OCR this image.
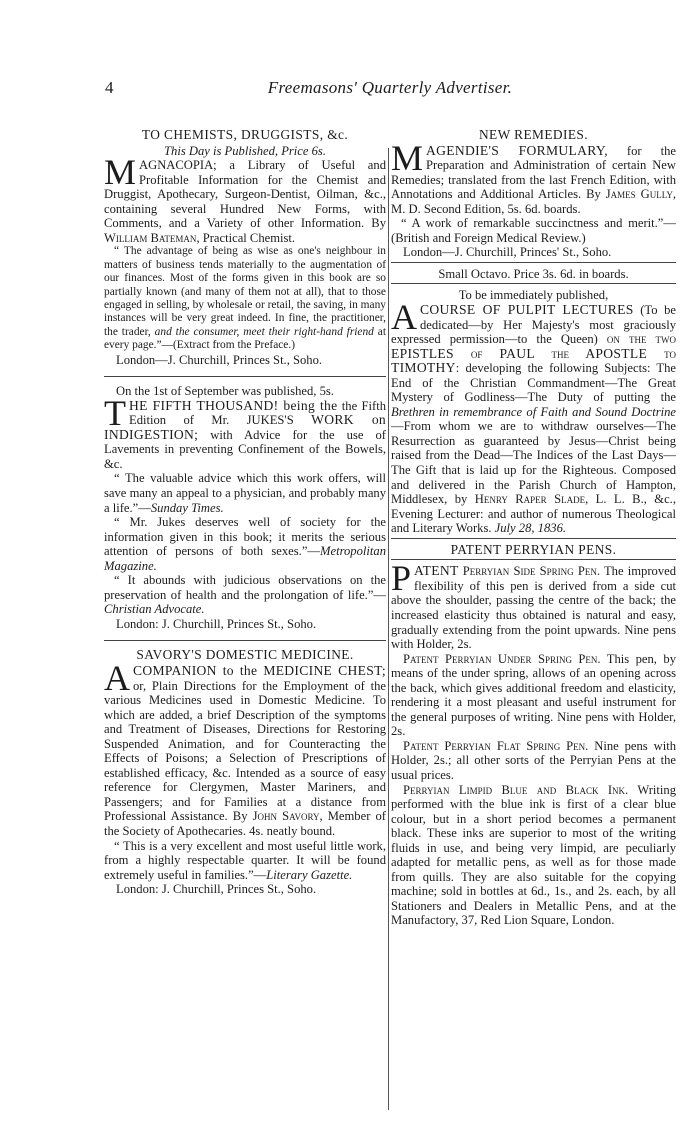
4	Freemasons' Quarterly Advertiser.
TO CHEMISTS, DRUGGISTS, &c.
This Day is Published, Price 6s.

MAGNACOPIA; a Library of Useful and Profitable Information for the Chemist and Druggist, Apothecary, Surgeon-Dentist, Oilman, &c., containing several Hundred New Forms, with Comments, and a Variety of other Information. By William Bateman, Practical Chemist.

“ The advantage of being as wise as one's neighbour in matters of business tends materially to the augmentation of our finances. Most of the forms given in this book are so partially known (and many of them not at all), that to those engaged in selling, by wholesale or retail, the saving, in many instances will be very great indeed. In fine, the practitioner, the trader, and the consumer, meet their right-hand friend at every page.”—(Extract from the Preface.)

London—J. Churchill, Princes St., Soho.

On the 1st of September was published, 5s.

THE FIFTH THOUSAND! being the the Fifth Edition of Mr. JUKES'S WORK on INDIGESTION; with Advice for the use of Lavements in preventing Confinement of the Bowels, &c.

“ The valuable advice which this work offers, will save many an appeal to a physician, and probably many a life.”—Sunday Times.

“ Mr. Jukes deserves well of society for the information given in this book; it merits the serious attention of persons of both sexes.”—Metropolitan Magazine.

“ It abounds with judicious observations on the preservation of health and the prolongation of life.”—Christian Advocate.

London: J. Churchill, Princes St., Soho.

SAVORY'S DOMESTIC MEDICINE.

ACOMPANION to the MEDICINE CHEST; or, Plain Directions for the Employment of the various Medicines used in Domestic Medicine. To which are added, a brief Description of the symptoms and Treatment of Diseases, Directions for Restoring Suspended Animation, and for Counteracting the Effects of Poisons; a Selection of Prescriptions of established efficacy, &c. Intended as a source of easy reference for Clergymen, Master Mariners, and Passengers; and for Families at a distance from Professional Assistance. By John Savory, Member of the Society of Apothecaries. 4s. neatly bound.

“ This is a very excellent and most useful little work, from a highly respectable quarter. It will be found extremely useful in families.”—Literary Gazette.

London: J. Churchill, Princes St., Soho.

NEW REMEDIES.

MAGENDIE'S FORMULARY, for the Preparation and Administration of certain New Remedies; translated from the last French Edition, with Annotations and Additional Articles. By James Gully, M. D. Second Edition, 5s. 6d. boards.

“ A work of remarkable succinctness and merit.”—(British and Foreign Medical Review.)

London—J. Churchill, Princes' St., Soho.

Small Octavo. Price 3s. 6d. in boards.

To be immediately published,

ACOURSE OF PULPIT LECTURES (To be dedicated—by Her Majesty's most graciously expressed permission—to the Queen) on the two EPISTLES of PAUL the APOSTLE to TIMOTHY: developing the following Subjects: The End of the Christian Commandment—The Great Mystery of Godliness—The Duty of putting the Brethren in remembrance of Faith and Sound Doctrine—From whom we are to withdraw ourselves—The Resurrection as guaranteed by Jesus—Christ being raised from the Dead—The Indices of the Last Days—The Gift that is laid up for the Righteous. Composed and delivered in the Parish Church of Hampton, Middlesex, by Henry Raper Slade, L. L. B., &c., Evening Lecturer: and author of numerous Theological and Literary Works. July 28, 1836.

PATENT PERRYIAN PENS.

PATENT Perryian Side Spring Pen. The improved flexibility of this pen is derived from a side cut above the shoulder, passing the centre of the back; the increased elasticity thus obtained is natural and easy, gradually extending from the point upwards. Nine pens with Holder, 2s.

Patent Perryian Under Spring Pen. This pen, by means of the under spring, allows of an opening across the back, which gives additional freedom and elasticity, rendering it a most pleasant and useful instrument for the general purposes of writing. Nine pens with Holder, 2s.

Patent Perryian Flat Spring Pen. Nine pens with Holder, 2s.; all other sorts of the Perryian Pens at the usual prices.

Perryian Limpid Blue and Black Ink. Writing performed with the blue ink is first of a clear blue colour, but in a short period becomes a permanent black. These inks are superior to most of the writing fluids in use, and being very limpid, are peculiarly adapted for metallic pens, as well as for those made from quills. They are also suitable for the copying machine; sold in bottles at 6d., 1s., and 2s. each, by all Stationers and Dealers in Metallic Pens, and at the Manufactory, 37, Red Lion Square, London.
